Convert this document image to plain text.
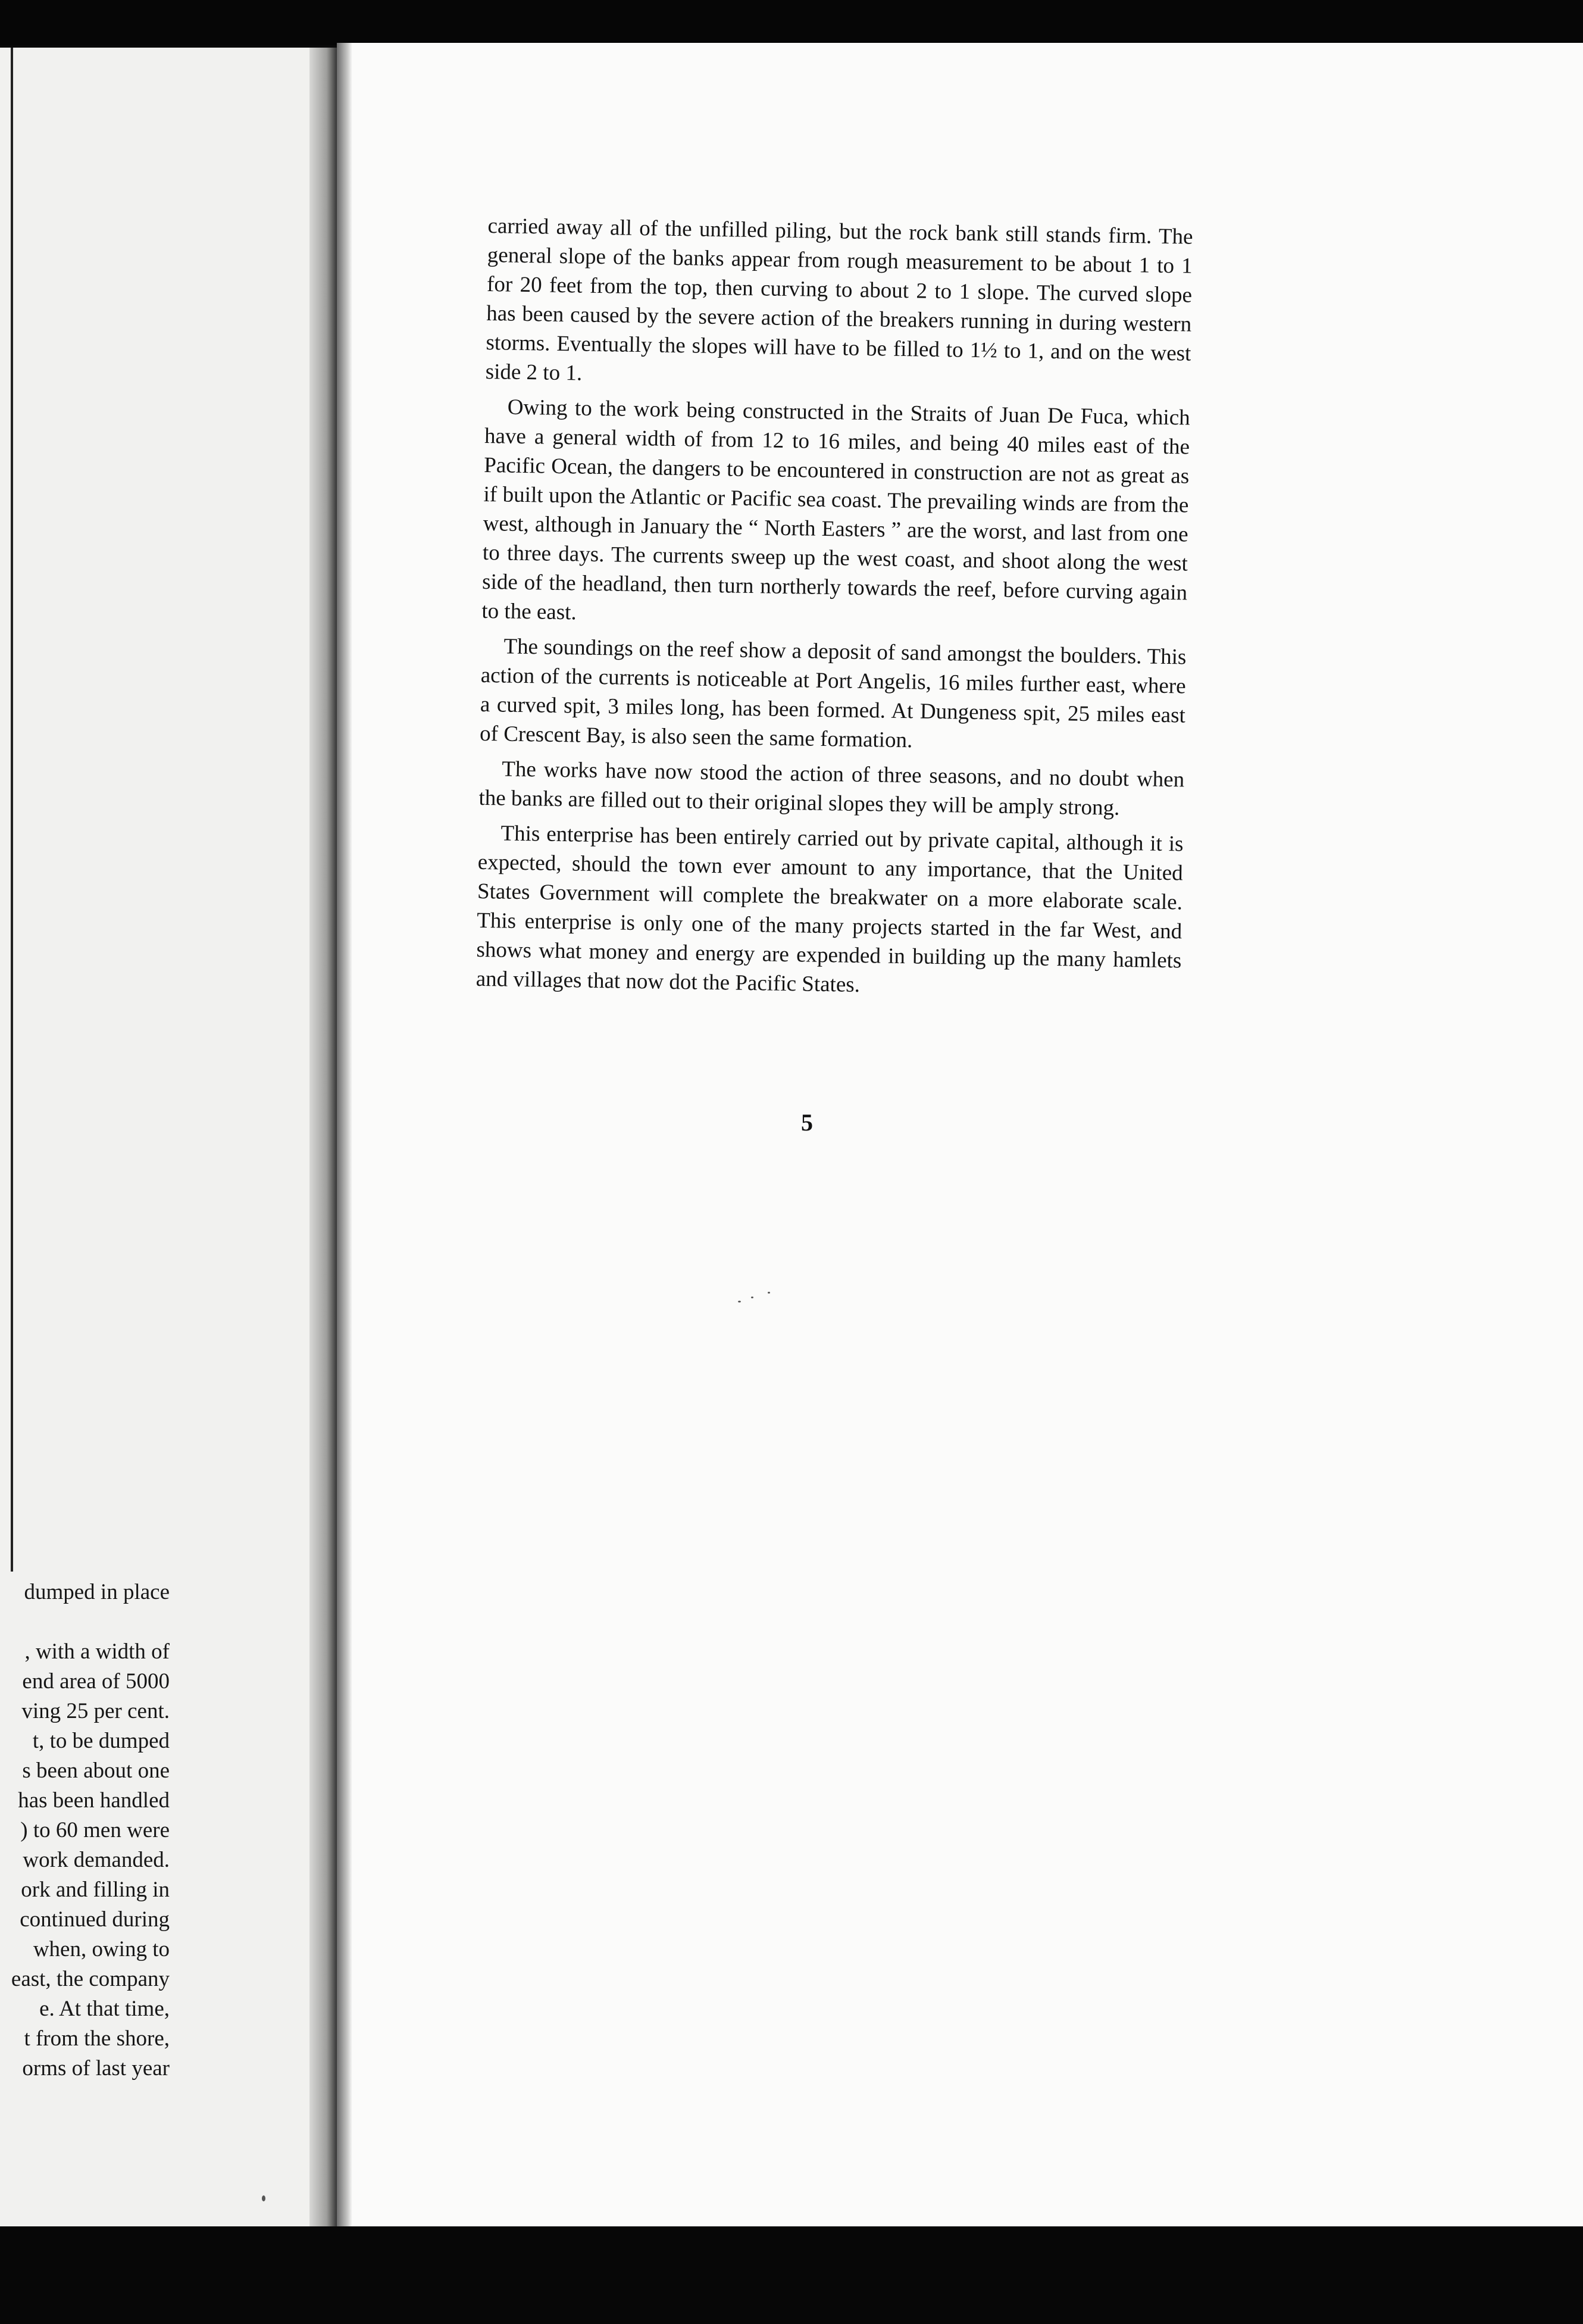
dumped in place
, with a width of
end area of 5000
ving 25 per cent.
t, to be dumped
s been about one
has been handled
) to 60 men were
work demanded.
ork and filling in
continued during
when, owing to
east, the company
e. At that time,
t from the shore,
orms of last year

carried away all of the unfilled piling, but the rock bank still stands firm. The general slope of the banks appear from rough measurement to be about 1 to 1 for 20 feet from the top, then curving to about 2 to 1 slope. The curved slope has been caused by the severe action of the breakers running in during western storms. Eventually the slopes will have to be filled to 1½ to 1, and on the west side 2 to 1.

Owing to the work being constructed in the Straits of Juan De Fuca, which have a general width of from 12 to 16 miles, and being 40 miles east of the Pacific Ocean, the dangers to be encountered in construction are not as great as if built upon the Atlantic or Pacific sea coast. The prevailing winds are from the west, although in January the “ North Easters ” are the worst, and last from one to three days. The currents sweep up the west coast, and shoot along the west side of the headland, then turn northerly towards the reef, before curving again to the east.

The soundings on the reef show a deposit of sand amongst the boulders. This action of the currents is noticeable at Port Angelis, 16 miles further east, where a curved spit, 3 miles long, has been formed. At Dungeness spit, 25 miles east of Crescent Bay, is also seen the same formation.

The works have now stood the action of three seasons, and no doubt when the banks are filled out to their original slopes they will be amply strong.

This enterprise has been entirely carried out by private capital, although it is expected, should the town ever amount to any importance, that the United States Government will complete the breakwater on a more elaborate scale. This enterprise is only one of the many projects started in the far West, and shows what money and energy are expended in building up the many hamlets and villages that now dot the Pacific States.

5
